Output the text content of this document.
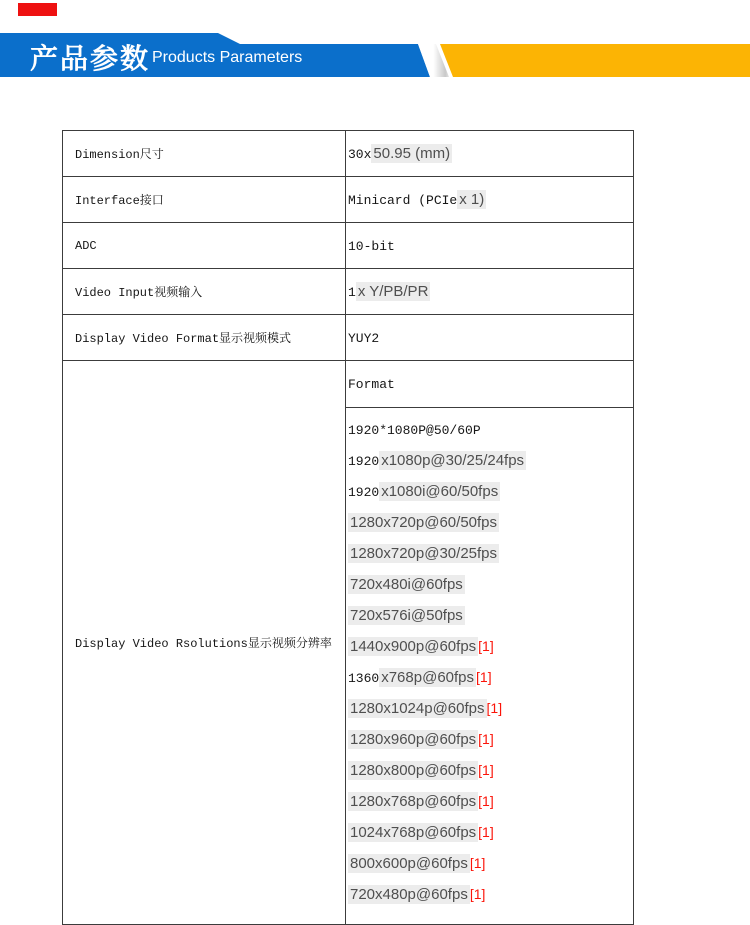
产品参数 Products Parameters
Dimension尺寸	30x 50.95 (mm)
Interface接口	Minicard (PCIe x 1)
ADC	10-bit
Video Input视频输入	1 x Y/PB/PR
Display Video Format显示视频模式	YUY2
Display Video Rsolutions显示视频分辨率	Format

1920*1080P@50/60P
1920 x1080p@30/25/24fps
1920 x1080i@60/50fps
1280x720p@60/50fps
1280x720p@30/25fps
720x480i@60fps
720x576i@50fps
1440x900p@60fps [1]
1360 x768p@60fps [1]
1280x1024p@60fps [1]
1280x960p@60fps [1]
1280x800p@60fps [1]
1280x768p@60fps [1]
1024x768p@60fps [1]
800x600p@60fps [1]
720x480p@60fps [1]
